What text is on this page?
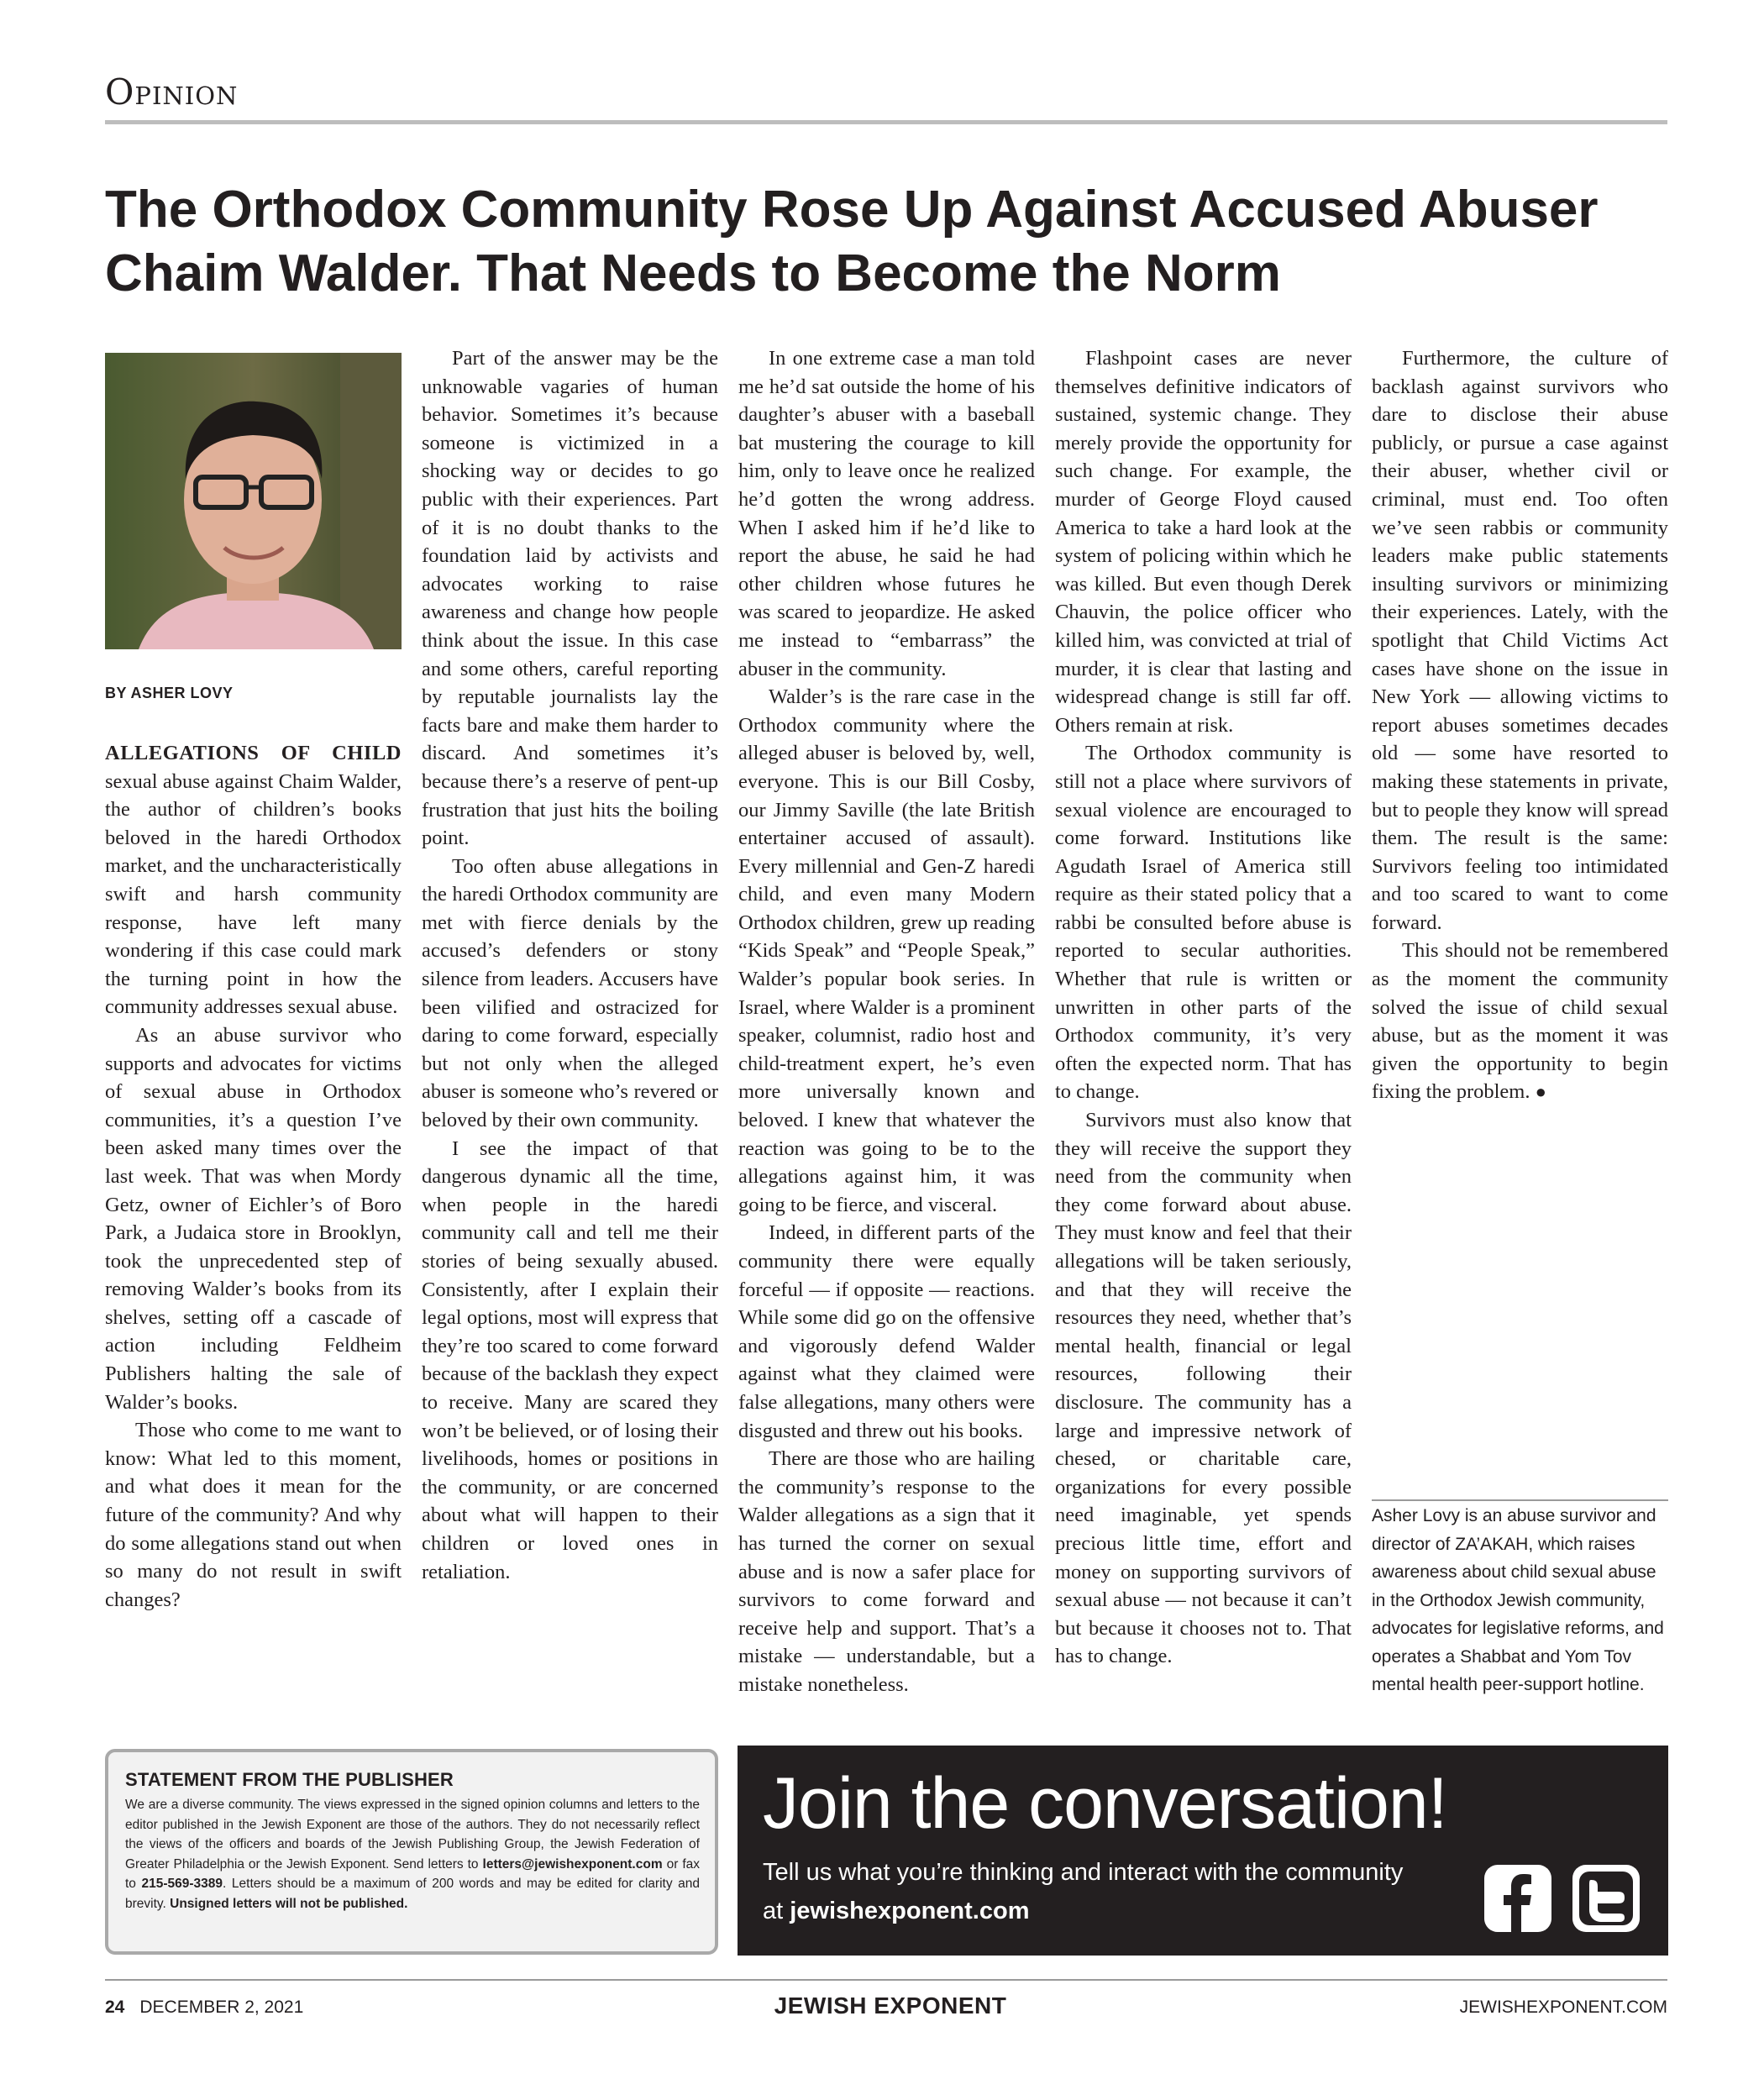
Opinion
The Orthodox Community Rose Up Against Accused Abuser Chaim Walder. That Needs to Become the Norm
BY ASHER LOVY

ALLEGATIONS OF CHILD sexual abuse against Chaim Walder, the author of children’s books beloved in the haredi Orthodox market, and the uncharacteristically swift and harsh community response, have left many wondering if this case could mark the turning point in how the community addresses sexual abuse.

As an abuse survivor who supports and advocates for victims of sexual abuse in Orthodox communities, it’s a question I’ve been asked many times over the last week. That was when Mordy Getz, owner of Eichler’s of Boro Park, a Judaica store in Brooklyn, took the unprecedented step of removing Walder’s books from its shelves, setting off a cascade of action including Feldheim Publishers halting the sale of Walder’s books.

Those who come to me want to know: What led to this moment, and what does it mean for the future of the community? And why do some allegations stand out when so many do not result in swift changes?

Part of the answer may be the unknowable vagaries of human behavior. Sometimes it’s because someone is victimized in a shocking way or decides to go public with their experiences. Part of it is no doubt thanks to the foundation laid by activists and advocates working to raise awareness and change how people think about the issue. In this case and some others, careful reporting by reputable journalists lay the facts bare and make them harder to discard. And sometimes it’s because there’s a reserve of pent-up frustration that just hits the boiling point.

Too often abuse allegations in the haredi Orthodox community are met with fierce denials by the accused’s defenders or stony silence from leaders. Accusers have been vilified and ostracized for daring to come forward, especially but not only when the alleged abuser is someone who’s revered or beloved by their own community.

I see the impact of that dangerous dynamic all the time, when people in the haredi community call and tell me their stories of being sexually abused. Consistently, after I explain their legal options, most will express that they’re too scared to come forward because of the backlash they expect to receive. Many are scared they won’t be believed, or of losing their livelihoods, homes or positions in the community, or are concerned about what will happen to their children or loved ones in retaliation.

In one extreme case a man told me he’d sat outside the home of his daughter’s abuser with a baseball bat mustering the courage to kill him, only to leave once he realized he’d gotten the wrong address. When I asked him if he’d like to report the abuse, he said he had other children whose futures he was scared to jeopardize. He asked me instead to “embarrass” the abuser in the community.

Walder’s is the rare case in the Orthodox community where the alleged abuser is beloved by, well, everyone. This is our Bill Cosby, our Jimmy Saville (the late British entertainer accused of assault). Every millennial and Gen-Z haredi child, and even many Modern Orthodox children, grew up reading “Kids Speak” and “People Speak,” Walder’s popular book series. In Israel, where Walder is a prominent speaker, columnist, radio host and child-treatment expert, he’s even more universally known and beloved. I knew that whatever the reaction was going to be to the allegations against him, it was going to be fierce, and visceral.

Indeed, in different parts of the community there were equally forceful — if opposite — reactions. While some did go on the offensive and vigorously defend Walder against what they claimed were false allegations, many others were disgusted and threw out his books.

There are those who are hailing the community’s response to the Walder allegations as a sign that it has turned the corner on sexual abuse and is now a safer place for survivors to come forward and receive help and support. That’s a mistake — understandable, but a mistake nonetheless.

Flashpoint cases are never themselves definitive indicators of sustained, systemic change. They merely provide the opportunity for such change. For example, the murder of George Floyd caused America to take a hard look at the system of policing within which he was killed. But even though Derek Chauvin, the police officer who killed him, was convicted at trial of murder, it is clear that lasting and widespread change is still far off. Others remain at risk.

The Orthodox community is still not a place where survivors of sexual violence are encouraged to come forward. Institutions like Agudath Israel of America still require as their stated policy that a rabbi be consulted before abuse is reported to secular authorities. Whether that rule is written or unwritten in other parts of the Orthodox community, it’s very often the expected norm. That has to change.

Survivors must also know that they will receive the support they need from the community when they come forward about abuse. They must know and feel that their allegations will be taken seriously, and that they will receive the resources they need, whether that’s mental health, financial or legal resources, following their disclosure. The community has a large and impressive network of chesed, or charitable care, organizations for every possible need imaginable, yet spends precious little time, effort and money on supporting survivors of sexual abuse — not because it can’t but because it chooses not to. That has to change.

Furthermore, the culture of backlash against survivors who dare to disclose their abuse publicly, or pursue a case against their abuser, whether civil or criminal, must end. Too often we’ve seen rabbis or community leaders make public statements insulting survivors or minimizing their experiences. Lately, with the spotlight that Child Victims Act cases have shone on the issue in New York — allowing victims to report abuses sometimes decades old — some have resorted to making these statements in private, but to people they know will spread them. The result is the same: Survivors feeling too intimidated and too scared to want to come forward.

This should not be remembered as the moment the community solved the issue of child sexual abuse, but as the moment it was given the opportunity to begin fixing the problem. ●

Asher Lovy is an abuse survivor and director of ZA’AKAH, which raises awareness about child sexual abuse in the Orthodox Jewish community, advocates for legislative reforms, and operates a Shabbat and Yom Tov mental health peer-support hotline.
STATEMENT FROM THE PUBLISHER

We are a diverse community. The views expressed in the signed opinion columns and letters to the editor published in the Jewish Exponent are those of the authors. They do not necessarily reflect the views of the officers and boards of the Jewish Publishing Group, the Jewish Federation of Greater Philadelphia or the Jewish Exponent. Send letters to letters@jewishexponent.com or fax to 215-569-3389. Letters should be a maximum of 200 words and may be edited for clarity and brevity. Unsigned letters will not be published.

Join the conversation!
Tell us what you’re thinking and interact with the community
at jewishexponent.com
24 DECEMBER 2, 2021	JEWISH EXPONENT	JEWISHEXPONENT.COM
